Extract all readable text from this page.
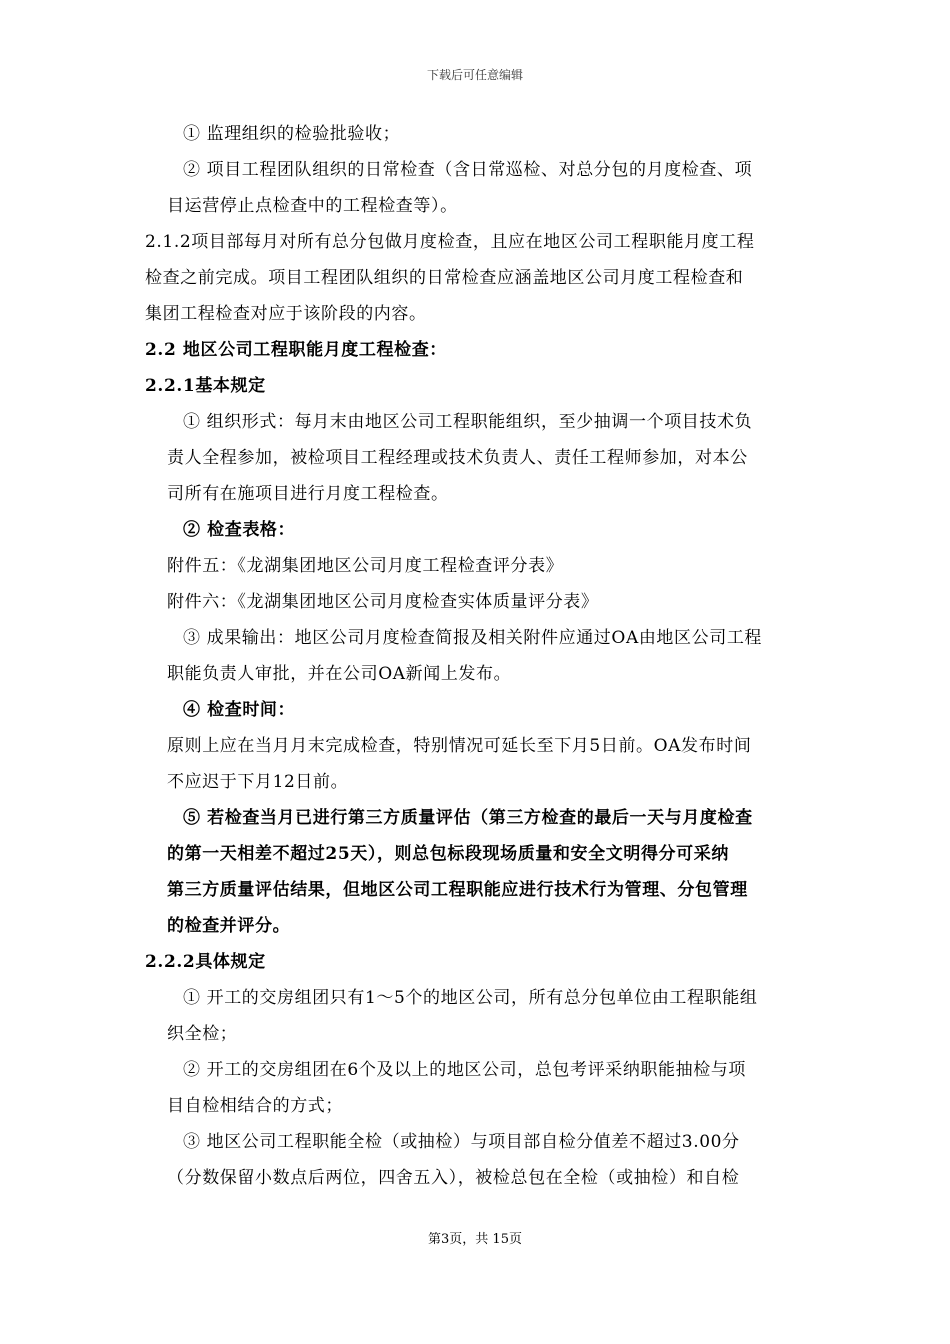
下载后可任意编辑
① 监理组织的检验批验收；
② 项目工程团队组织的日常检查（含日常巡检、对总分包的月度检查、项
目运营停止点检查中的工程检查等）。
2.1.2项目部每月对所有总分包做月度检查，且应在地区公司工程职能月度工程
检查之前完成。项目工程团队组织的日常检查应涵盖地区公司月度工程检查和
集团工程检查对应于该阶段的内容。
2.2 地区公司工程职能月度工程检查：
2.2.1基本规定
① 组织形式：每月末由地区公司工程职能组织，至少抽调一个项目技术负
责人全程参加，被检项目工程经理或技术负责人、责任工程师参加，对本公
司所有在施项目进行月度工程检查。
② 检查表格：
附件五：《龙湖集团地区公司月度工程检查评分表》
附件六：《龙湖集团地区公司月度检查实体质量评分表》
③ 成果输出：地区公司月度检查简报及相关附件应通过OA由地区公司工程
职能负责人审批，并在公司OA新闻上发布。
④ 检查时间：
原则上应在当月月末完成检查，特别情况可延长至下月5日前。OA发布时间
不应迟于下月12日前。
⑤ 若检查当月已进行第三方质量评估（第三方检查的最后一天与月度检查
的第一天相差不超过25天），则总包标段现场质量和安全文明得分可采纳
第三方质量评估结果，但地区公司工程职能应进行技术行为管理、分包管理
的检查并评分。
2.2.2具体规定
① 开工的交房组团只有1～5个的地区公司，所有总分包单位由工程职能组
织全检；
② 开工的交房组团在6个及以上的地区公司，总包考评采纳职能抽检与项
目自检相结合的方式；
③ 地区公司工程职能全检（或抽检）与项目部自检分值差不超过3.00分
（分数保留小数点后两位，四舍五入），被检总包在全检（或抽检）和自检
第3页，共 15页
